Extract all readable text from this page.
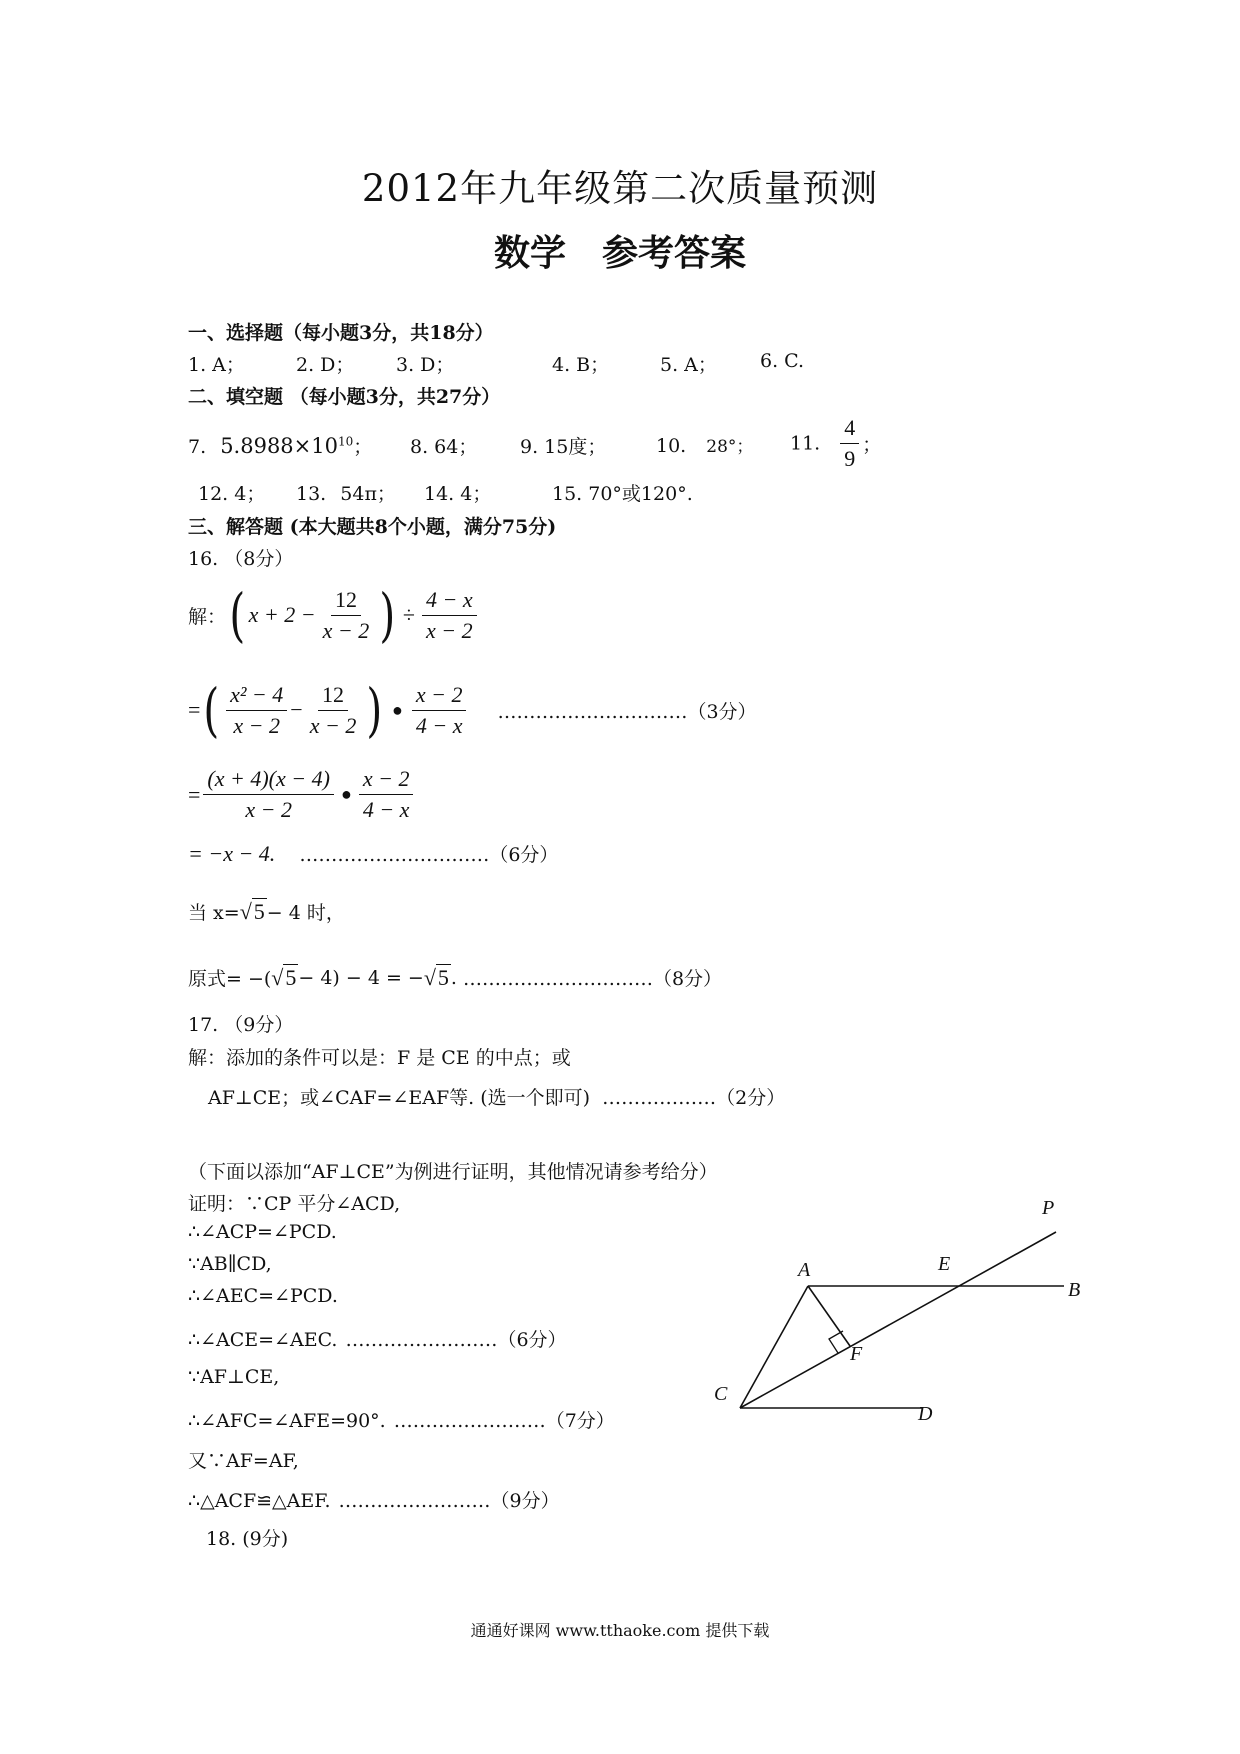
2012年九年级第二次质量预测
数学　参考答案
一、选择题（每小题3分，共18分）
1. A；	2. D； 3. D；	4. B；	5. A； 6. C.
二、填空题 （每小题3分，共27分）
7. $5.8988\times 10^{10}$； 8. 64； 9. 15度；	10. 28°； 11. $\frac{4}{9}$ ；
12. 4； 13. 54π； 14. 4；	15. 70°或120°.
三、解答题 (本大题共8个小题，满分75分)
16. （8分）
解： ( $x + 2 - \frac{12}{x - 2}$ ) ÷ $\frac{4 - x}{x - 2}$
= ( $\frac{\text{x² − 4}}{x - 2} - \frac{12}{x - 2}$ ) ● $\frac{x - 2}{4 - x}$ …………………………（3分）
= $\frac{(x + 4)(x - 4)}{x - 2}$ ● $\frac{x - 2}{4 - x}$
= −x − 4. …………………………（6分）
当 x= √5 − 4 时，
原式= −( √5 − 4) − 4 = − √5 . …………………………（8分）
17. （9分）
解：添加的条件可以是：F 是 CE 的中点；或
AF⊥CE；或∠CAF=∠EAF等. (选一个即可) ………………（2分）
（下面以添加“AF⊥CE”为例进行证明，其他情况请参考给分）
证明：∵CP 平分∠ACD,
∴∠ACP=∠PCD.
∵AB∥CD,
∴∠AEC=∠PCD.
∴∠ACE=∠AEC. ……………………（6分）
∵AF⊥CE,
∴∠AFC=∠AFE=90°. ……………………（7分）
又∵AF=AF,
∴△ACF≌△AEF. ……………………（9分）
18. (9分)
P
A	E
B
F
C
D
通通好课网 www.tthaoke.com 提供下载
